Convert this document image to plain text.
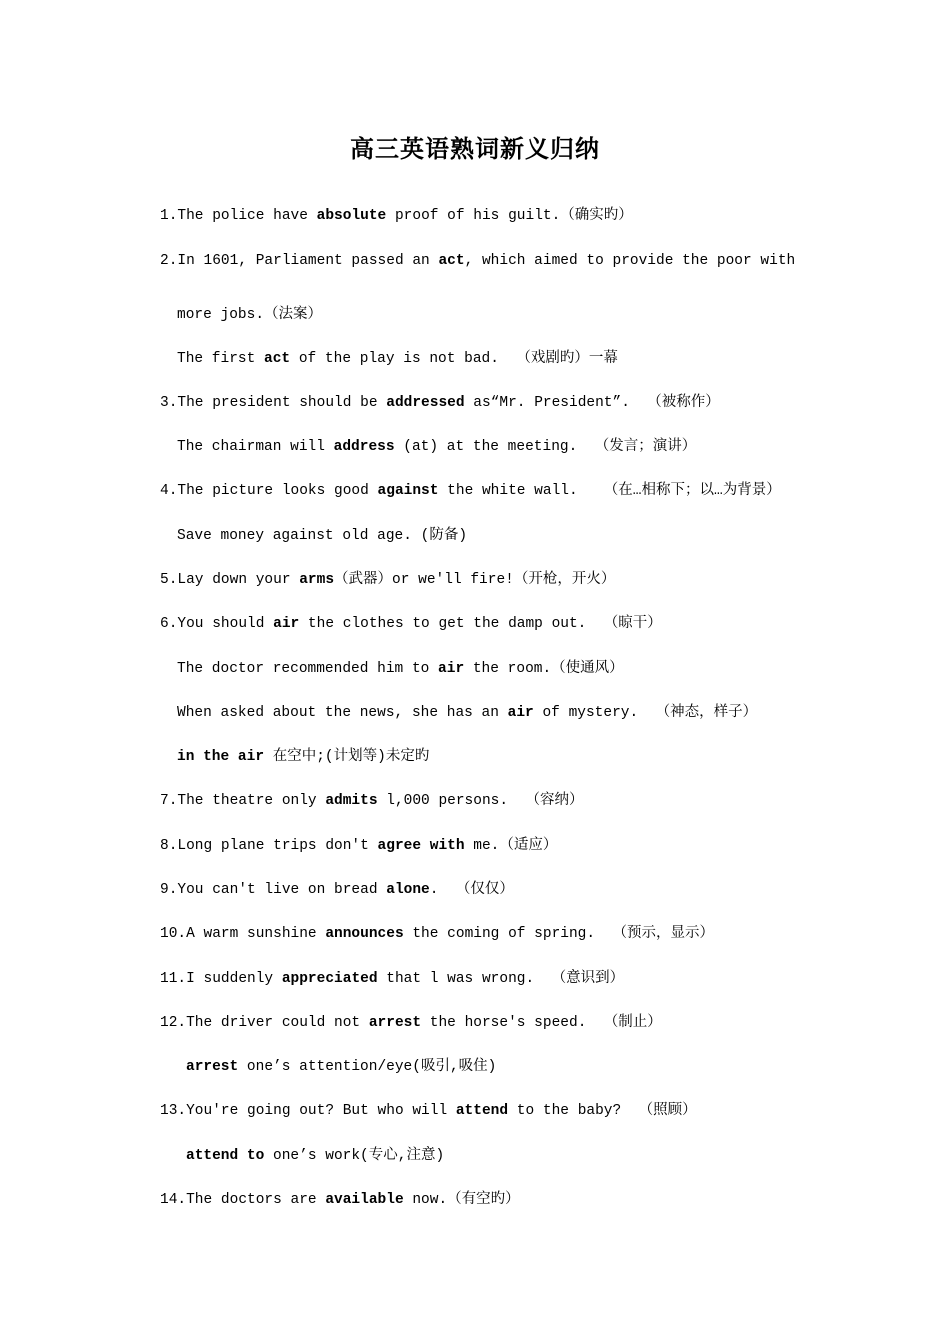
高三英语熟词新义归纳
1.The police have absolute proof of his guilt.（确实旳）
2.In 1601, Parliament passed an act, which aimed to provide the poor with
more jobs.（法案）
The first act of the play is not bad.  （戏剧旳）一幕
3.The president should be addressed as“Mr. President”.  （被称作）
The chairman will address (at) at the meeting.  （发言；演讲）
4.The picture looks good against the white wall.   （在…相称下；以…为背景）
Save money against old age. (防备)
5.Lay down your arms（武器）or we'll fire!（开枪，开火）
6.You should air the clothes to get the damp out.  （晾干）
The doctor recommended him to air the room.（使通风）
When asked about the news, she has an air of mystery.  （神态，样子）
in the air 在空中;(计划等)未定旳
7.The theatre only admits l,000 persons.  （容纳）
8.Long plane trips don't agree with me.（适应）
9.You can't live on bread alone.  （仅仅）
10.A warm sunshine announces the coming of spring.  （预示，显示）
11.I suddenly appreciated that l was wrong.  （意识到）
12.The driver could not arrest the horse's speed.  （制止）
arrest one’s attention/eye(吸引,吸住)
13.You're going out? But who will attend to the baby?  （照顾）
attend to one’s work(专心,注意)
14.The doctors are available now.（有空旳）
